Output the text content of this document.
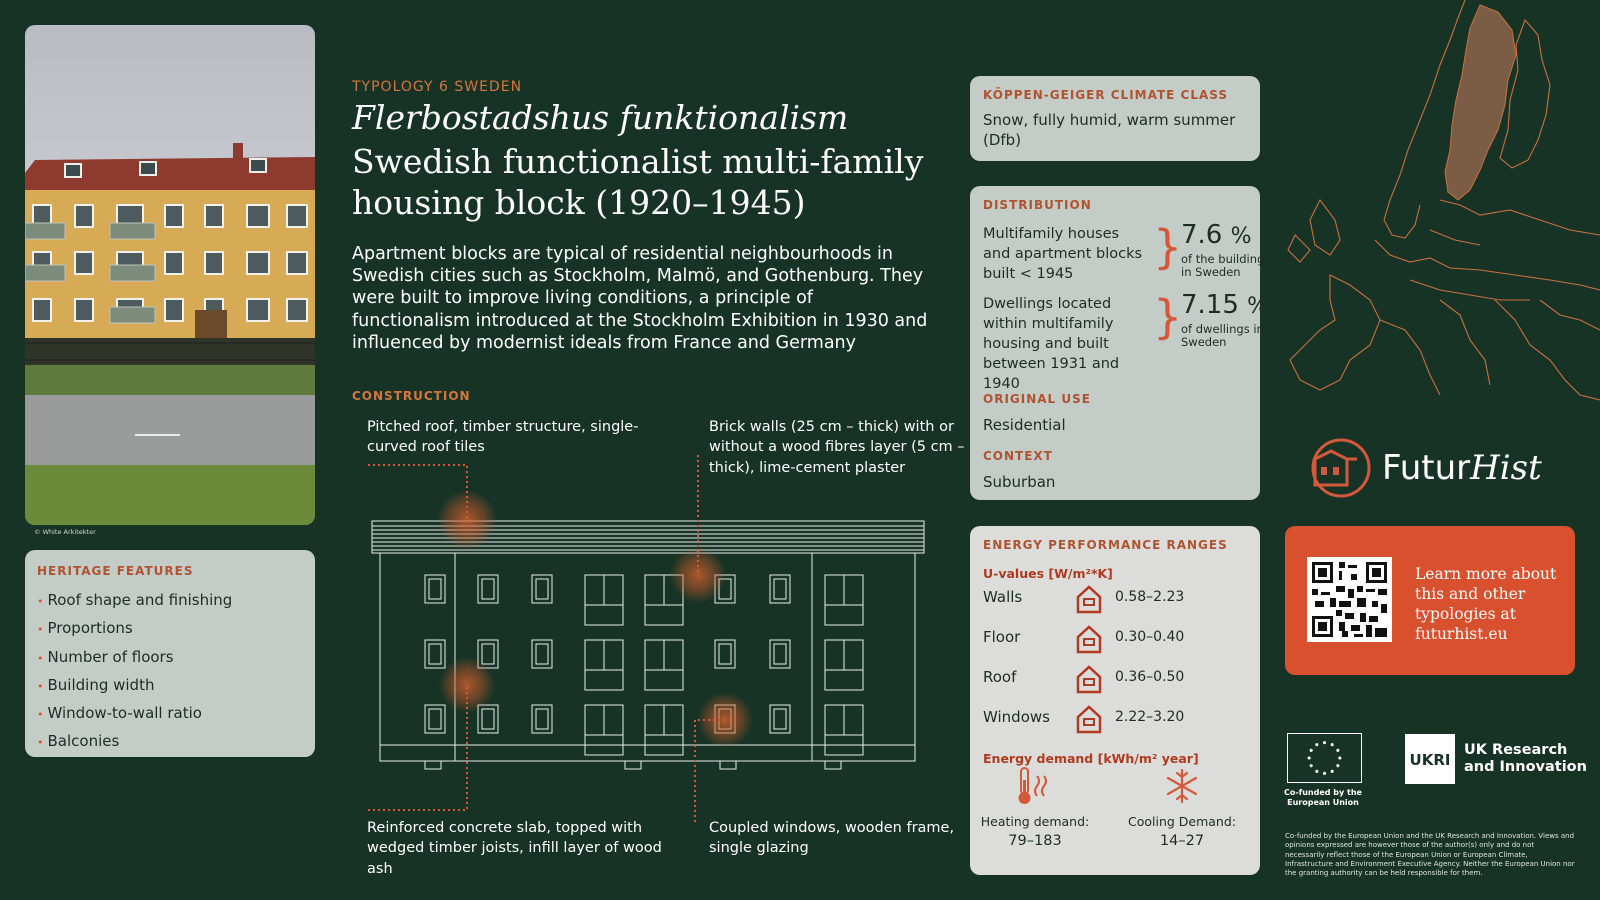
© White Arkitekter
HERITAGE FEATURES
• Roof shape and finishing
• Proportions
• Number of floors
• Building width
• Window-to-wall ratio
• Balconies
TYPOLOGY 6 SWEDEN
Flerbostadshus funktionalism
Swedish functionalist multi-family housing block (1920–1945)
Apartment blocks are typical of residential neighbourhoods in Swedish cities such as Stockholm, Malmö, and Gothenburg. They were built to improve living conditions, a principle of functionalism introduced at the Stockholm Exhibition in 1930 and influenced by modernist ideals from France and Germany
CONSTRUCTION
Pitched roof, timber structure, single-curved roof tiles
Brick walls (25 cm – thick) with or without a wood fibres layer (5 cm – thick), lime-cement plaster
Reinforced concrete slab, topped with wedged timber joists, infill layer of wood ash
Coupled windows, wooden frame, single glazing
KÖPPEN-GEIGER CLIMATE CLASS
Snow, fully humid, warm summer (Dfb)
DISTRIBUTION
Multifamily houses and apartment blocks built < 1945	}
7.6 %
of the buildings in Sweden
Dwellings located within multifamily housing and built between 1931 and 1940
}
7.15 %
of dwellings in Sweden
ORIGINAL USE
Residential
CONTEXT
Suburban
ENERGY PERFORMANCE RANGES
U-values [W/m²*K]
Walls	0.58–2.23
Floor	0.30–0.40
Roof	0.36–0.50
Windows	2.22–3.20
Energy demand [kWh/m² year]
Heating demand:
79–183
Cooling Demand:
14–27
FuturHist
Learn more about this and other typologies at futurhist.eu
Co-funded by the European Union
UKRI
UK Research and Innovation
Co-funded by the European Union and the UK Research and Innovation. Views and opinions expressed are however those of the author(s) only and do not necessarily reflect those of the European Union or European Climate, Infrastructure and Environment Executive Agency. Neither the European Union nor the granting authority can be held responsible for them.
